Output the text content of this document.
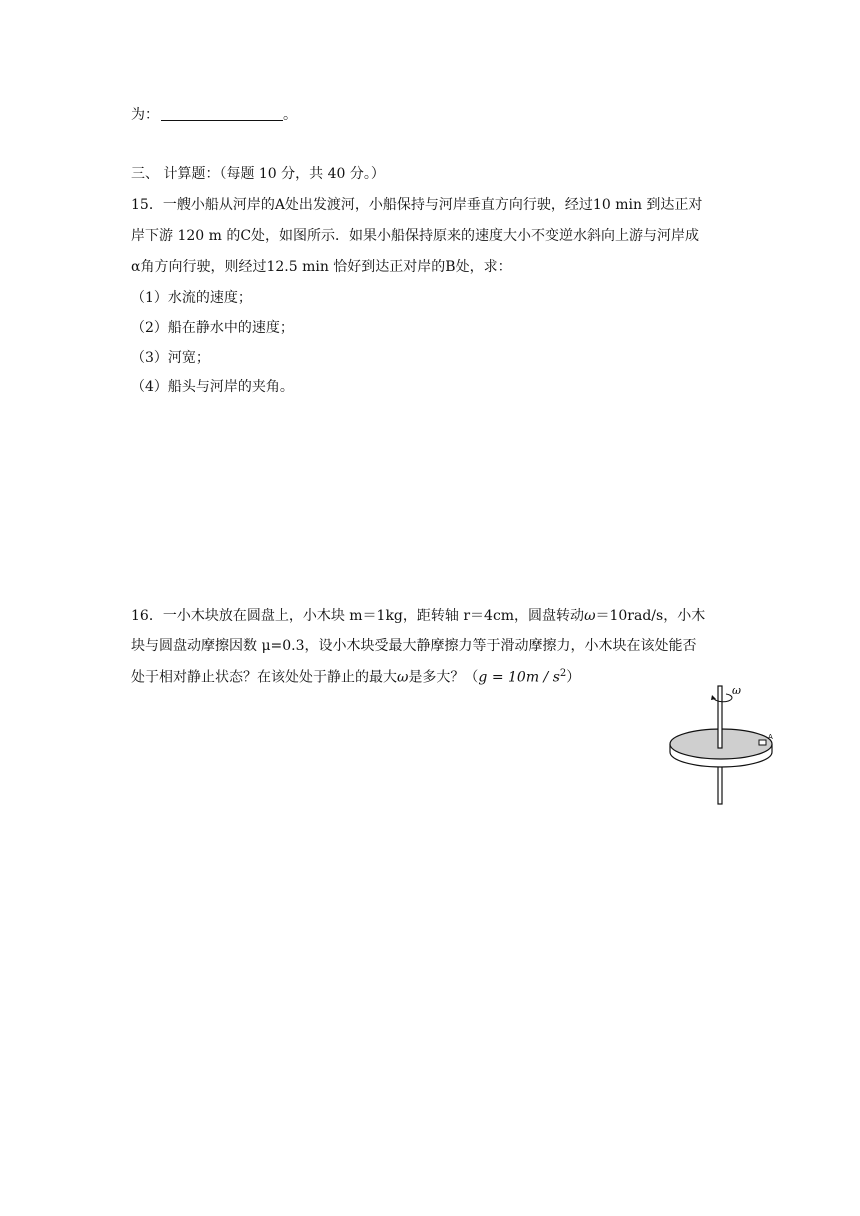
为：	。
三、 计算题：（每题 10 分，共 40 分。）
15．一艘小船从河岸的A处出发渡河，小船保持与河岸垂直方向行驶，经过10 min 到达正对
岸下游 120 m 的C处，如图所示．如果小船保持原来的速度大小不变逆水斜向上游与河岸成
α角方向行驶，则经过12.5 min 恰好到达正对岸的B处，求：
（1）水流的速度；
（2）船在静水中的速度；
（3）河宽；
（4）船头与河岸的夹角。
16．一小木块放在圆盘上，小木块 m＝1kg，距转轴 r＝4cm，圆盘转动ω＝10rad/s，小木
块与圆盘动摩擦因数 μ=0.3，设小木块受最大静摩擦力等于滑动摩擦力，小木块在该处能否
处于相对静止状态？在该处处于静止的最大ω是多大？$(g = 10m / s^2)$
ω
A
